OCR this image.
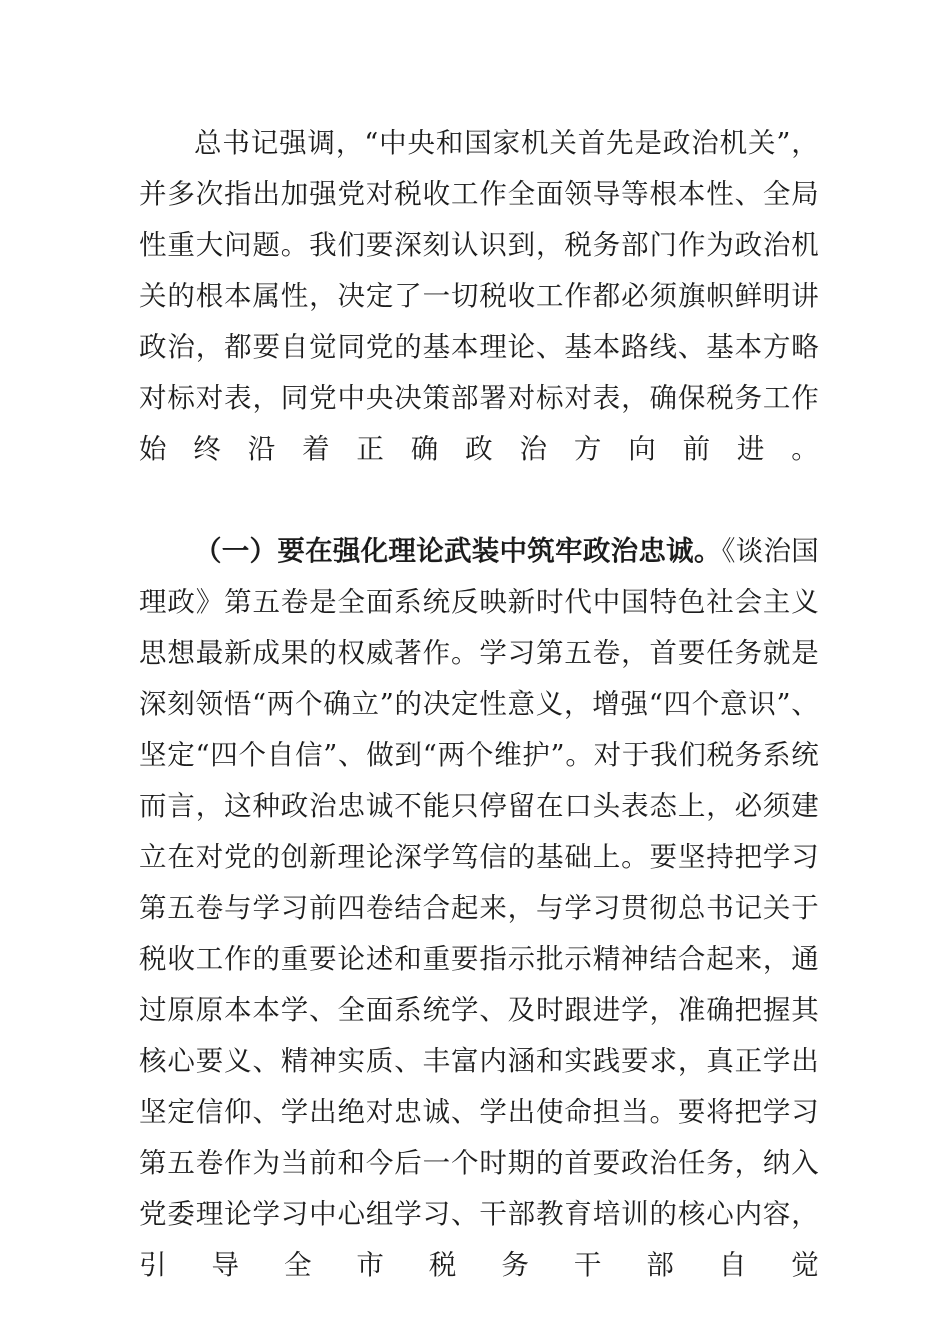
总书记强调，“中央和国家机关首先是政治机关”，并多次指出加强党对税收工作全面领导等根本性、全局性重大问题。我们要深刻认识到，税务部门作为政治机关的根本属性，决定了一切税收工作都必须旗帜鲜明讲政治，都要自觉同党的基本理论、基本路线、基本方略对标对表，同党中央决策部署对标对表，确保税务工作始终沿着正确政治方向前进。

（一）要在强化理论武装中筑牢政治忠诚。《谈治国理政》第五卷是全面系统反映新时代中国特色社会主义思想最新成果的权威著作。学习第五卷，首要任务就是深刻领悟“两个确立”的决定性意义，增强“四个意识”、坚定“四个自信”、做到“两个维护”。对于我们税务系统而言，这种政治忠诚不能只停留在口头表态上，必须建立在对党的创新理论深学笃信的基础上。要坚持把学习第五卷与学习前四卷结合起来，与学习贯彻总书记关于税收工作的重要论述和重要指示批示精神结合起来，通过原原本本学、全面系统学、及时跟进学，准确把握其核心要义、精神实质、丰富内涵和实践要求，真正学出坚定信仰、学出绝对忠诚、学出使命担当。要将把学习第五卷作为当前和今后一个时期的首要政治任务，纳入党委理论学习中心组学习、干部教育培训的核心内容，引导全市税务干部自觉
